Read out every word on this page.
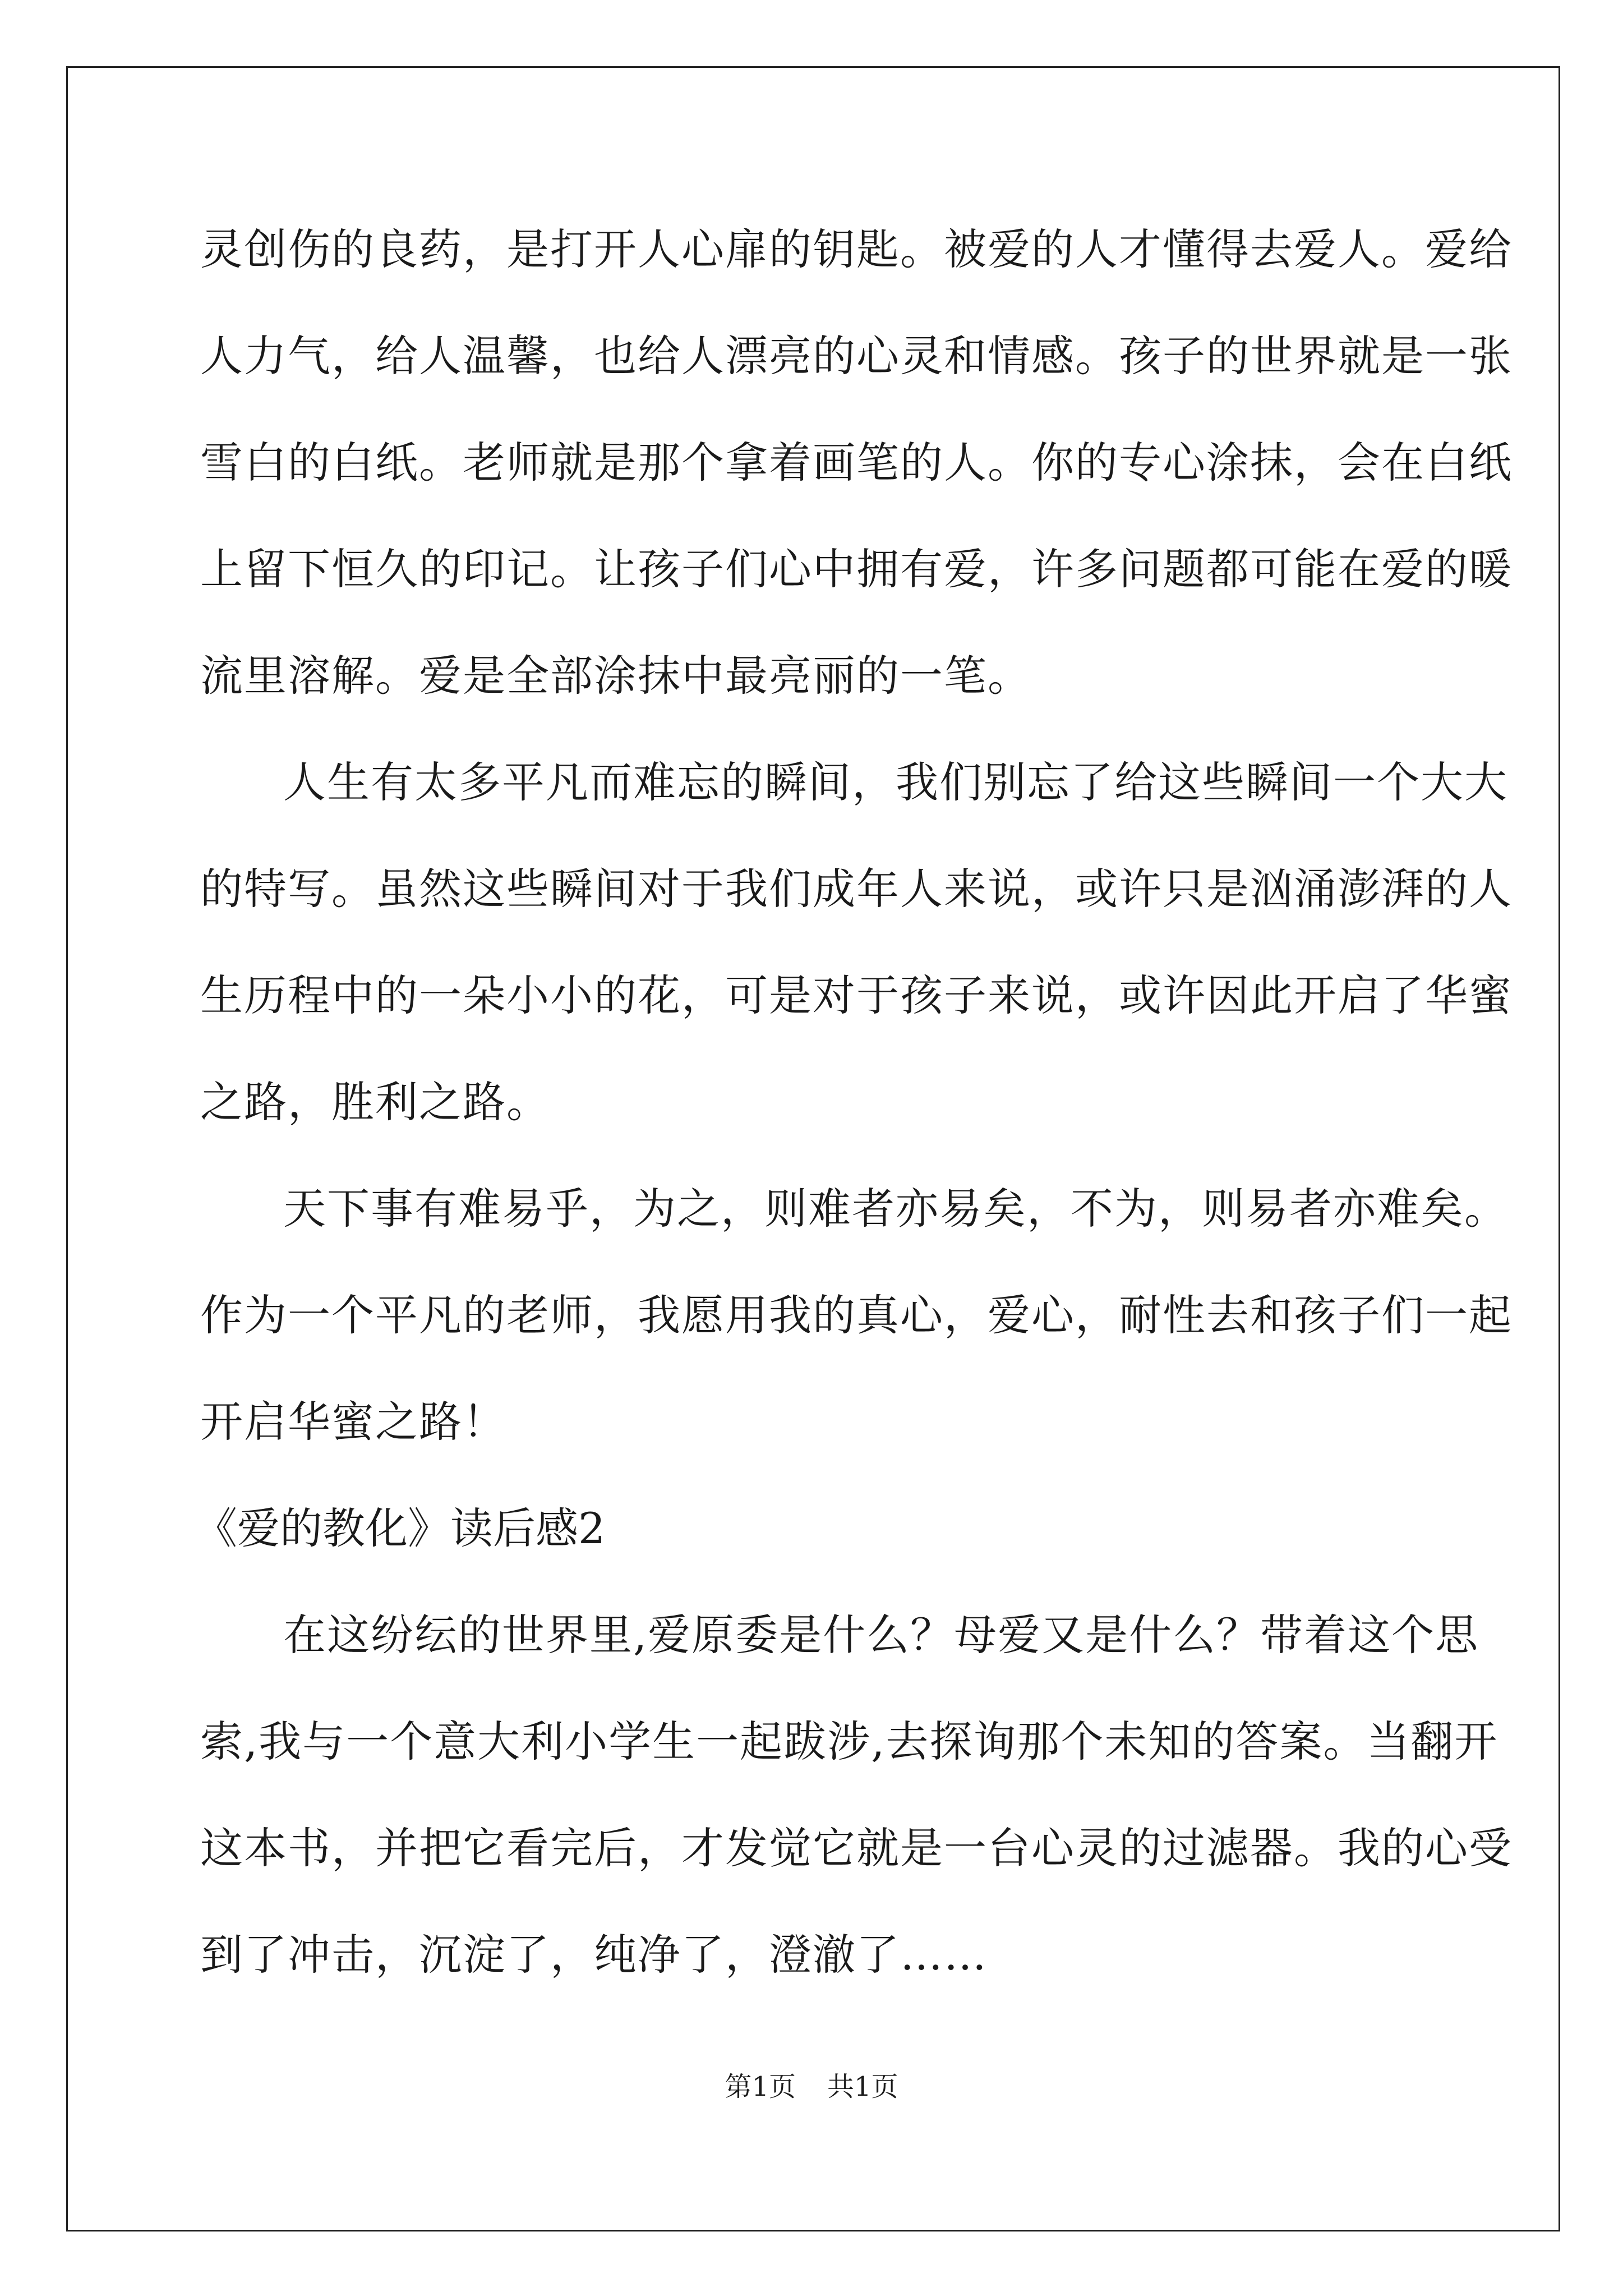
灵创伤的良药，是打开人心扉的钥匙。被爱的人才懂得去爱人。爱给
人力气，给人温馨，也给人漂亮的心灵和情感。孩子的世界就是一张
雪白的白纸。老师就是那个拿着画笔的人。你的专心涂抹，会在白纸
上留下恒久的印记。让孩子们心中拥有爱，许多问题都可能在爱的暖
流里溶解。爱是全部涂抹中最亮丽的一笔。
人生有太多平凡而难忘的瞬间，我们别忘了给这些瞬间一个大大
的特写。虽然这些瞬间对于我们成年人来说，或许只是汹涌澎湃的人
生历程中的一朵小小的花，可是对于孩子来说，或许因此开启了华蜜
之路，胜利之路。
天下事有难易乎，为之，则难者亦易矣，不为，则易者亦难矣。
作为一个平凡的老师，我愿用我的真心，爱心，耐性去和孩子们一起
开启华蜜之路！
《爱的教化》读后感2
在这纷纭的世界里,爱原委是什么？母爱又是什么？带着这个思
索,我与一个意大利小学生一起跋涉,去探询那个未知的答案。当翻开
这本书，并把它看完后，才发觉它就是一台心灵的过滤器。我的心受
到了冲击，沉淀了，纯净了，澄澈了……
第1页 共1页
